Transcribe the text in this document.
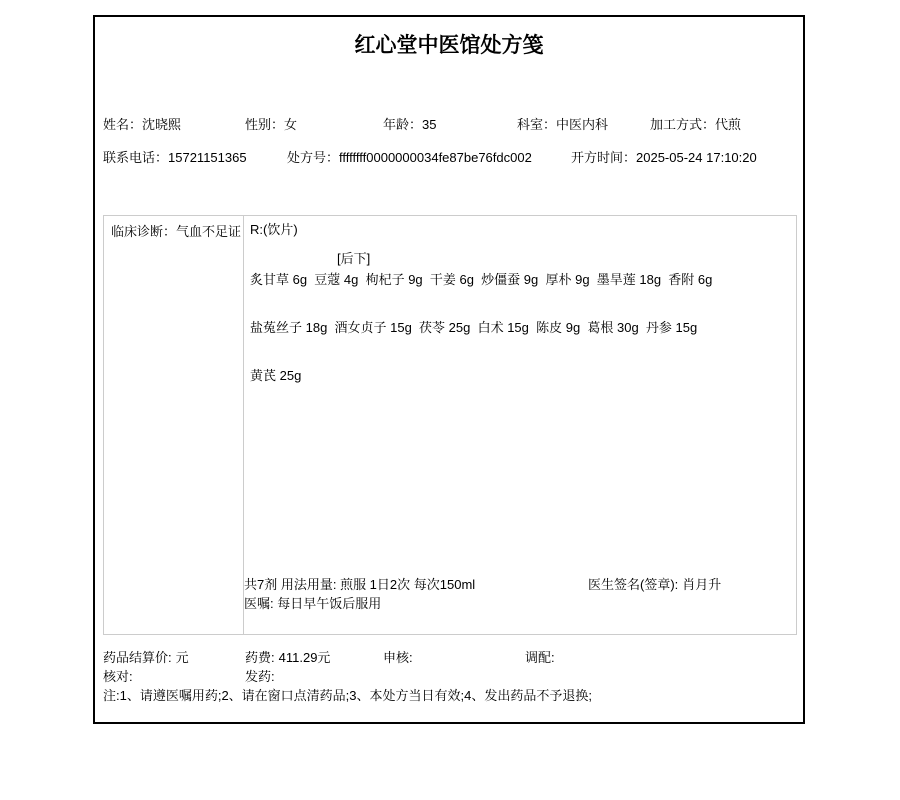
红心堂中医馆处方笺
姓名：沈晓熙	性别：女	年龄：35	科室：中医内科	加工方式：代煎
联系电话：15721151365	处方号：ffffffff0000000034fe87be76fdc002	开方时间：2025-05-24 17:10:20
临床诊断：气血不足证 R:(饮片)
[后下]
炙甘草 6g  豆蔻 4g  枸杞子 9g  干姜 6g  炒僵蚕 9g  厚朴 9g  墨旱莲 18g  香附 6g
盐菟丝子 18g  酒女贞子 15g  茯苓 25g  白术 15g  陈皮 9g  葛根 30g  丹参 15g
黄芪 25g
共7剂 用法用量: 煎服 1日2次 每次150ml
医嘱: 每日早午饭后服用
医生签名(签章): 肖月升
药品结算价: 元	药费: 411.29元	申核:	调配:
核对:	发药:
注:1、请遵医嘱用药;2、请在窗口点清药品;3、本处方当日有效;4、发出药品不予退换;
